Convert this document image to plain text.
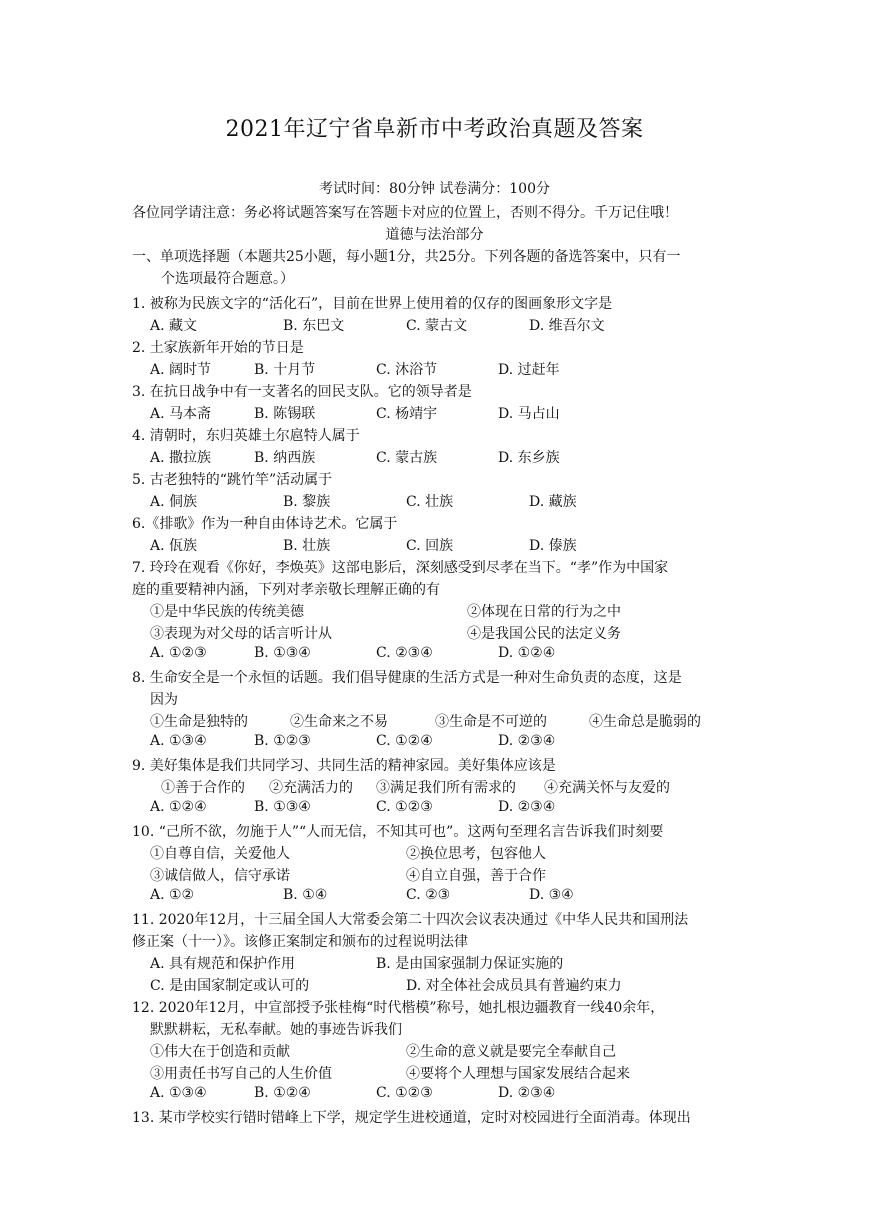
2021年辽宁省阜新市中考政治真题及答案
考试时间：80分钟 试卷满分：100分
各位同学请注意：务必将试题答案写在答题卡对应的位置上，否则不得分。千万记住哦！
道德与法治部分
一、单项选择题（本题共25小题，每小题1分，共25分。下列各题的备选答案中，只有一
个选项最符合题意。）
1. 被称为民族文字的“活化石”，目前在世界上使用着的仅存的图画象形文字是
A. 藏文	B. 东巴文	C. 蒙古文	D. 维吾尔文
2. 土家族新年开始的节日是
A. 阔时节	B. 十月节	C. 沐浴节	D. 过赶年
3. 在抗日战争中有一支著名的回民支队。它的领导者是
A. 马本斋	B. 陈锡联	C. 杨靖宇	D. 马占山
4. 清朝时，东归英雄土尔扈特人属于
A. 撒拉族	B. 纳西族	C. 蒙古族	D. 东乡族
5. 古老独特的“跳竹竿”活动属于
A. 侗族	B. 黎族	C. 壮族	D. 藏族
6.《排歌》作为一种自由体诗艺术。它属于
A. 佤族	B. 壮族	C. 回族	D. 傣族
7. 玲玲在观看《你好，李焕英》这部电影后，深刻感受到尽孝在当下。“孝”作为中国家
庭的重要精神内涵，下列对孝亲敬长理解正确的有
①是中华民族的传统美德	②体现在日常的行为之中
③表现为对父母的话言听计从	④是我国公民的法定义务
A. ①②③	B. ①③④	C. ②③④	D. ①②④
8. 生命安全是一个永恒的话题。我们倡导健康的生活方式是一种对生命负责的态度，这是
因为
①生命是独特的	②生命来之不易	③生命是不可逆的	④生命总是脆弱的
A. ①③④	B. ①②③	C. ①②④	D. ②③④
9. 美好集体是我们共同学习、共同生活的精神家园。美好集体应该是
①善于合作的 ②充满活力的 ③满足我们所有需求的 ④充满关怀与友爱的
A. ①②④	B. ①③④	C. ①②③	D. ②③④
10. “己所不欲，勿施于人”“人而无信，不知其可也”。这两句至理名言告诉我们时刻要
①自尊自信，关爱他人	②换位思考，包容他人
③诚信做人，信守承诺	④自立自强，善于合作
A. ①②	B. ①④	C. ②③	D. ③④
11. 2020年12月，十三届全国人大常委会第二十四次会议表决通过《中华人民共和国刑法
修正案（十一）》。该修正案制定和颁布的过程说明法律
A. 具有规范和保护作用	B. 是由国家强制力保证实施的
C. 是由国家制定或认可的	D. 对全体社会成员具有普遍约束力
12. 2020年12月，中宣部授予张桂梅“时代楷模”称号，她扎根边疆教育一线40余年，
默默耕耘，无私奉献。她的事迹告诉我们
①伟大在于创造和贡献	②生命的意义就是要完全奉献自己
③用责任书写自己的人生价值	④要将个人理想与国家发展结合起来
A. ①③④	B. ①②④	C. ①②③	D. ②③④
13. 某市学校实行错时错峰上下学，规定学生进校通道，定时对校园进行全面消毒。体现出
